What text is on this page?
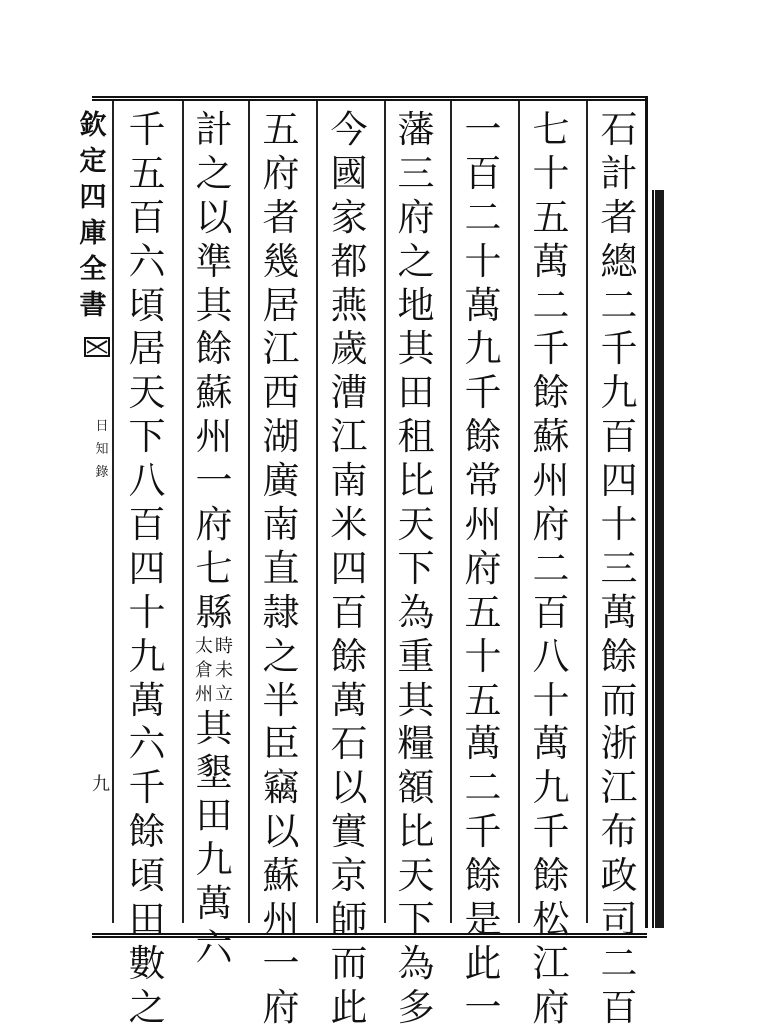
欽
定
四
庫
全
書
日
知
錄
九
石
計
者
總
二
千
九
百
四
十
三
萬
餘
而
浙
江
布
政
司
二
百
七
十
五
萬
二
千
餘
蘇
州
府
二
百
八
十
萬
九
千
餘
松
江
府
一
百
二
十
萬
九
千
餘
常
州
府
五
十
五
萬
二
千
餘
是
此
一
藩
三
府
之
地
其
田
租
比
天
下
為
重
其
糧
額
比
天
下
為
多
今
國
家
都
燕
歲
漕
江
南
米
四
百
餘
萬
石
以
實
京
師
而
此
五
府
者
幾
居
江
西
湖
廣
南
直
隷
之
半
臣
竊
以
蘇
州
一
府
計
之
以
準
其
餘
蘇
州
一
府
七
縣
時
未
立
太
倉
州
其
墾
田
九
萬
六
千
五
百
六
頃
居
天
下
八
百
四
十
九
萬
六
千
餘
頃
田
數
之
